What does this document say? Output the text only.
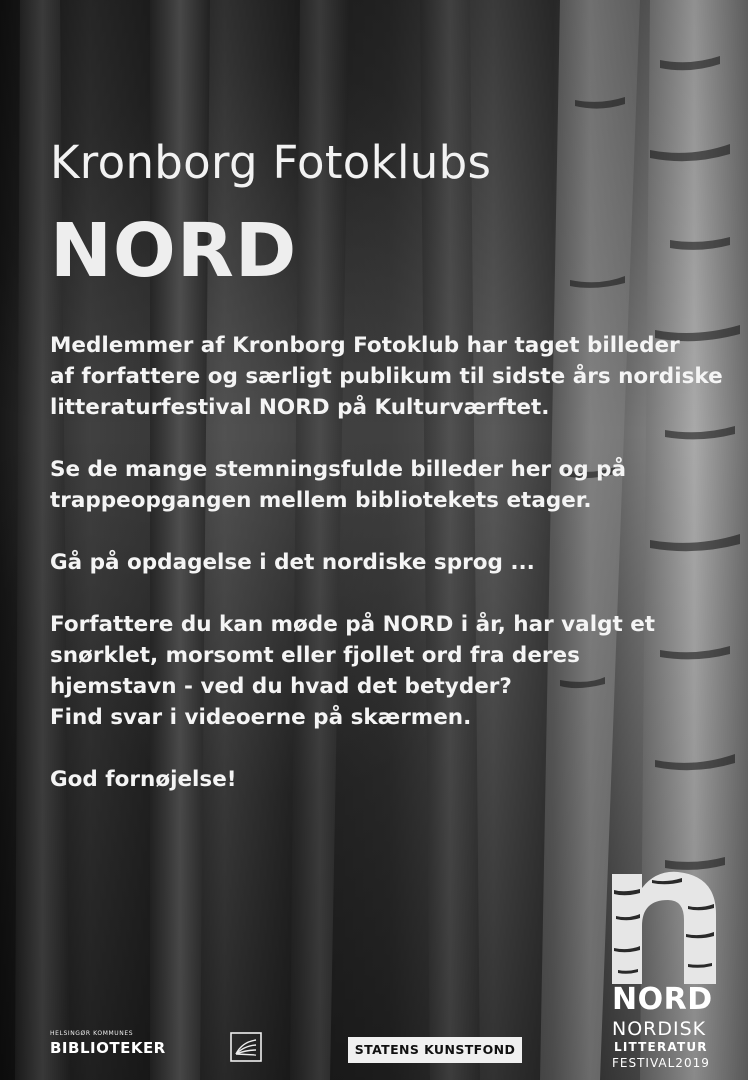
Kronborg Fotoklubs
NORD

Medlemmer af Kronborg Fotoklub har taget billeder
af forfattere og særligt publikum til sidste års nordiske
litteraturfestival NORD på Kulturværftet.

Se de mange stemningsfulde billeder her og på
trappeopgangen mellem bibliotekets etager.

Gå på opdagelse i det nordiske sprog ...

Forfattere du kan møde på NORD i år, har valgt et
snørklet, morsomt eller fjollet ord fra deres
hjemstavn - ved du hvad det betyder?
Find svar i videoerne på skærmen.

God fornøjelse!

NORD
NORDISK
LITTERATUR
FESTIVAL2019
HELSINGØR KOMMUNES
BIBLIOTEKER	STATENS KUNSTFOND
